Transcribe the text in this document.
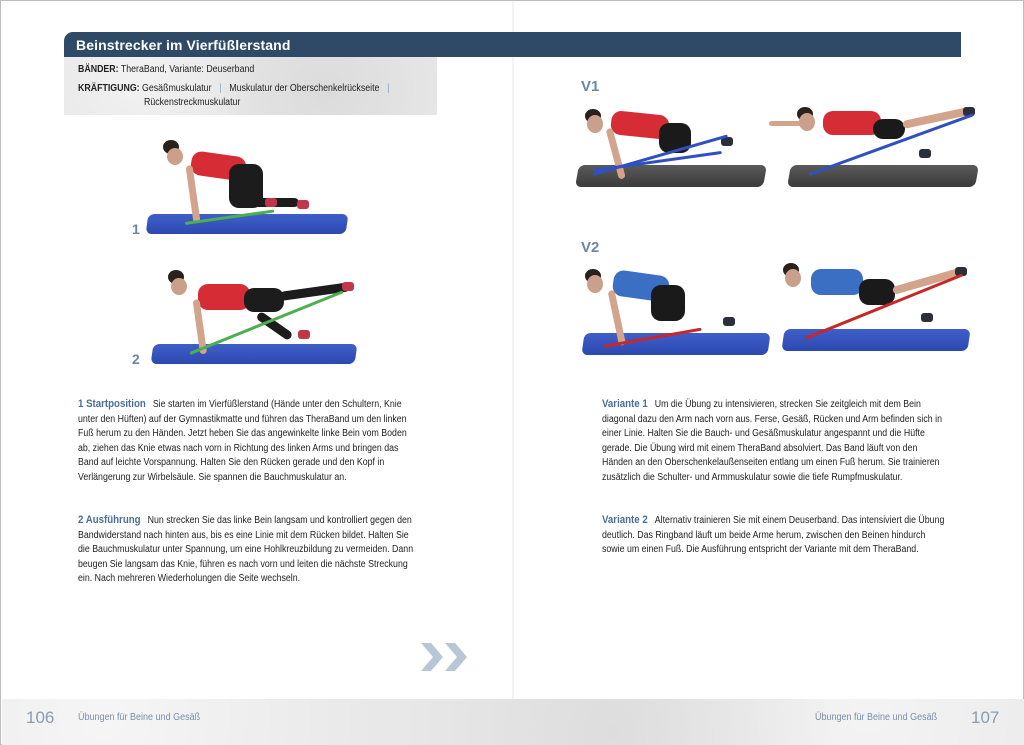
Beinstrecker im Vierfüßlerstand
BÄNDER: TheraBand, Variante: Deuserband
KRÄFTIGUNG: Gesäßmuskulatur | Muskulatur der Oberschenkelrückseite |
Rückenstreckmuskulatur
1
2
V1
V2
1 Startposition Sie starten im Vierfüßlerstand (Hände unter den Schultern, Knie unter den Hüften) auf der Gymnastikmatte und führen das TheraBand um den linken Fuß herum zu den Händen. Jetzt heben Sie das angewinkelte linke Bein vom Boden ab, ziehen das Knie etwas nach vorn in Richtung des linken Arms und bringen das Band auf leichte Vorspannung. Halten Sie den Rücken gerade und den Kopf in Verlängerung zur Wirbelsäule. Sie spannen die Bauchmuskulatur an.
2 Ausführung Nun strecken Sie das linke Bein langsam und kontrolliert gegen den Bandwiderstand nach hinten aus, bis es eine Linie mit dem Rücken bildet. Halten Sie die Bauchmuskulatur unter Spannung, um eine Hohlkreuzbildung zu vermeiden. Dann beugen Sie langsam das Knie, führen es nach vorn und leiten die nächste Streckung ein. Nach mehreren Wiederholungen die Seite wechseln.
Variante 1 Um die Übung zu intensivieren, strecken Sie zeitgleich mit dem Bein diagonal dazu den Arm nach vorn aus. Ferse, Gesäß, Rücken und Arm befinden sich in einer Linie. Halten Sie die Bauch- und Gesäßmuskulatur angespannt und die Hüfte gerade. Die Übung wird mit einem TheraBand absolviert. Das Band läuft von den Händen an den Oberschenkelaußenseiten entlang um einen Fuß herum. Sie trainieren zusätzlich die Schulter- und Armmuskulatur sowie die tiefe Rumpfmuskulatur.
Variante 2 Alternativ trainieren Sie mit einem Deuserband. Das intensiviert die Übung deutlich. Das Ringband läuft um beide Arme herum, zwischen den Beinen hindurch sowie um einen Fuß. Die Ausführung entspricht der Variante mit dem TheraBand.
106 Übungen für Beine und Gesäß	Übungen für Beine und Gesäß 107
